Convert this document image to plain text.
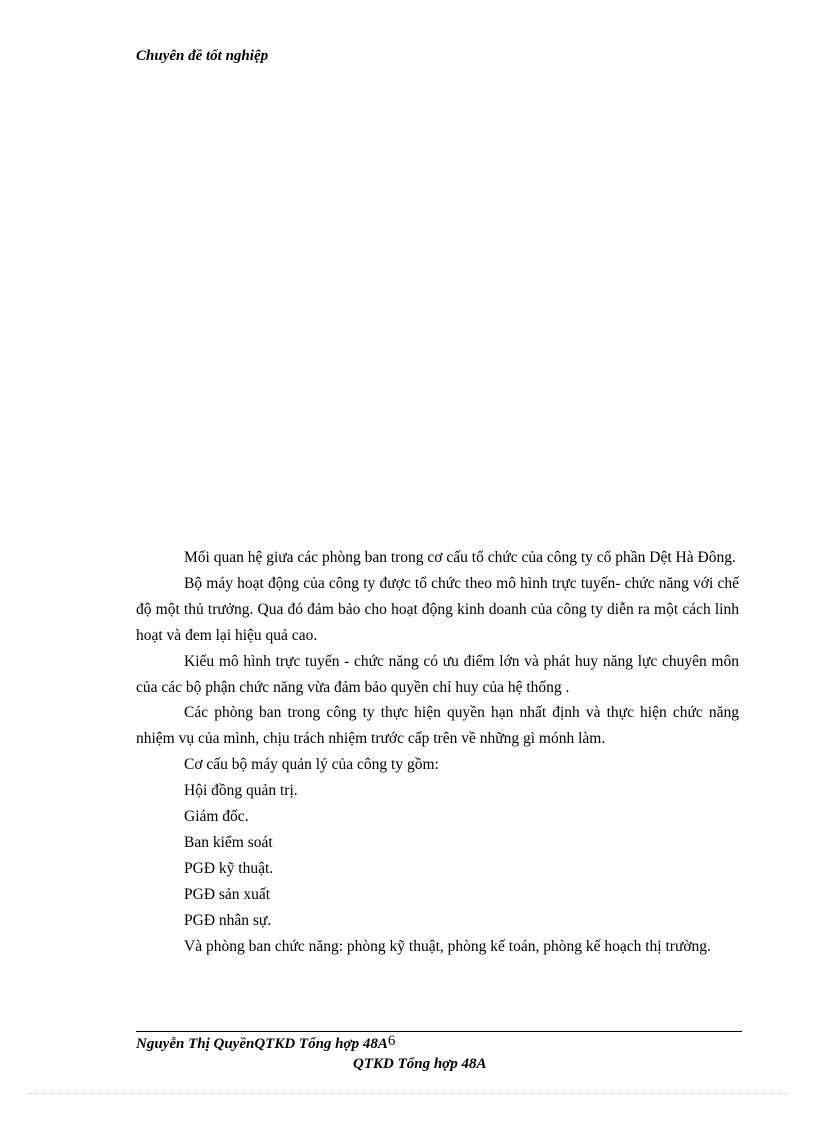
Chuyên đề tốt nghiệp

Mối quan hệ giưa các phòng ban trong cơ cấu tổ chức của công ty cổ phần Dệt Hà Đông.

Bộ máy hoạt động của công ty được tổ chức theo mô hình trực tuyến- chức năng với chế độ một thủ trưởng. Qua đó đảm bảo cho hoạt động kinh doanh của công ty diễn ra một cách linh hoạt và đem lại hiệu quả cao.

Kiểu mô hình trực tuyến - chức năng có ưu điểm lớn và phát huy năng lực chuyên môn của các bộ phận chức năng vừa đảm bảo quyền chỉ huy của hệ thống .

Các phòng ban trong công ty thực hiện quyền hạn nhất định và thực hiện chức năng nhiệm vụ của mình, chịu trách nhiệm trước cấp trên về những gì mónh làm.

Cơ cấu bộ máy quản lý của công ty gồm:

Hội đồng quản trị.

Giám đốc.

Ban kiểm soát

PGĐ kỹ thuật.

PGĐ sản xuất

PGĐ nhân sự.

Và phòng ban chức năng: phòng kỹ thuật, phòng kế toán, phòng kế hoạch thị trường.

Nguyễn Thị QuyềnQTKD Tổng hợp 48A6
QTKD Tổng hợp 48A
